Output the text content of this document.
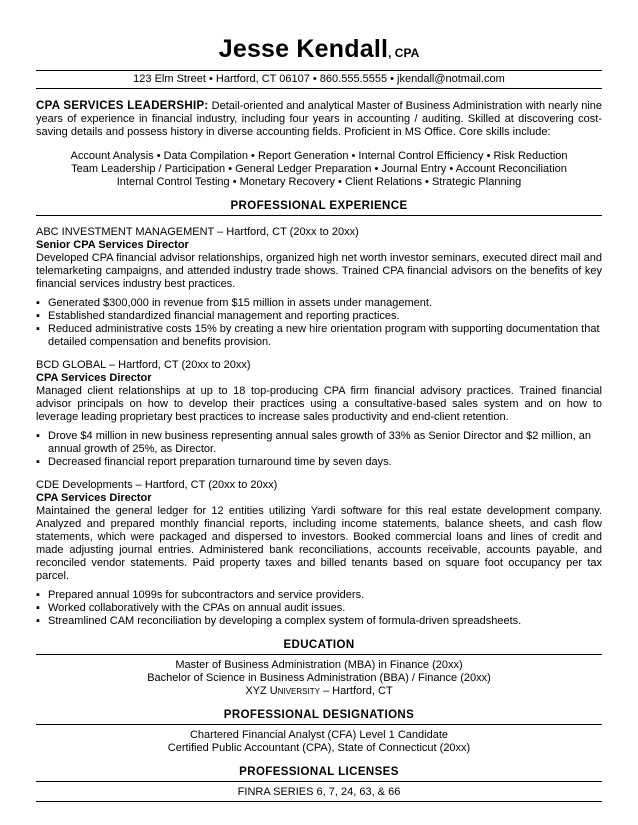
Jesse Kendall, CPA
123 Elm Street • Hartford, CT 06107 • 860.555.5555 • jkendall@notmail.com
CPA SERVICES LEADERSHIP: Detail-oriented and analytical Master of Business Administration with nearly nine years of experience in financial industry, including four years in accounting / auditing. Skilled at discovering cost-saving details and possess history in diverse accounting fields. Proficient in MS Office. Core skills include:
Account Analysis • Data Compilation • Report Generation • Internal Control Efficiency • Risk Reduction
Team Leadership / Participation • General Ledger Preparation • Journal Entry • Account Reconciliation
Internal Control Testing • Monetary Recovery • Client Relations • Strategic Planning
PROFESSIONAL EXPERIENCE
ABC INVESTMENT MANAGEMENT – Hartford, CT (20xx to 20xx)
Senior CPA Services Director
Developed CPA financial advisor relationships, organized high net worth investor seminars, executed direct mail and telemarketing campaigns, and attended industry trade shows. Trained CPA financial advisors on the benefits of key financial services industry best practices.
▪ Generated $300,000 in revenue from $15 million in assets under management.
▪ Established standardized financial management and reporting practices.
▪ Reduced administrative costs 15% by creating a new hire orientation program with supporting documentation that detailed compensation and benefits provision.
BCD GLOBAL – Hartford, CT (20xx to 20xx)
CPA Services Director
Managed client relationships at up to 18 top-producing CPA firm financial advisory practices. Trained financial advisor principals on how to develop their practices using a consultative-based sales system and on how to leverage leading proprietary best practices to increase sales productivity and end-client retention.
▪ Drove $4 million in new business representing annual sales growth of 33% as Senior Director and $2 million, an annual growth of 25%, as Director.
▪ Decreased financial report preparation turnaround time by seven days.
CDE Developments – Hartford, CT (20xx to 20xx)
CPA Services Director
Maintained the general ledger for 12 entities utilizing Yardi software for this real estate development company. Analyzed and prepared monthly financial reports, including income statements, balance sheets, and cash flow statements, which were packaged and dispersed to investors. Booked commercial loans and lines of credit and made adjusting journal entries. Administered bank reconciliations, accounts receivable, accounts payable, and reconciled vendor statements. Paid property taxes and billed tenants based on square foot occupancy per tax parcel.
▪ Prepared annual 1099s for subcontractors and service providers.
▪ Worked collaboratively with the CPAs on annual audit issues.
▪ Streamlined CAM reconciliation by developing a complex system of formula-driven spreadsheets.
EDUCATION
Master of Business Administration (MBA) in Finance (20xx)
Bachelor of Science in Business Administration (BBA) / Finance (20xx)
XYZ University – Hartford, CT
PROFESSIONAL DESIGNATIONS
Chartered Financial Analyst (CFA) Level 1 Candidate
Certified Public Accountant (CPA), State of Connecticut (20xx)
PROFESSIONAL LICENSES
FINRA SERIES 6, 7, 24, 63, & 66
